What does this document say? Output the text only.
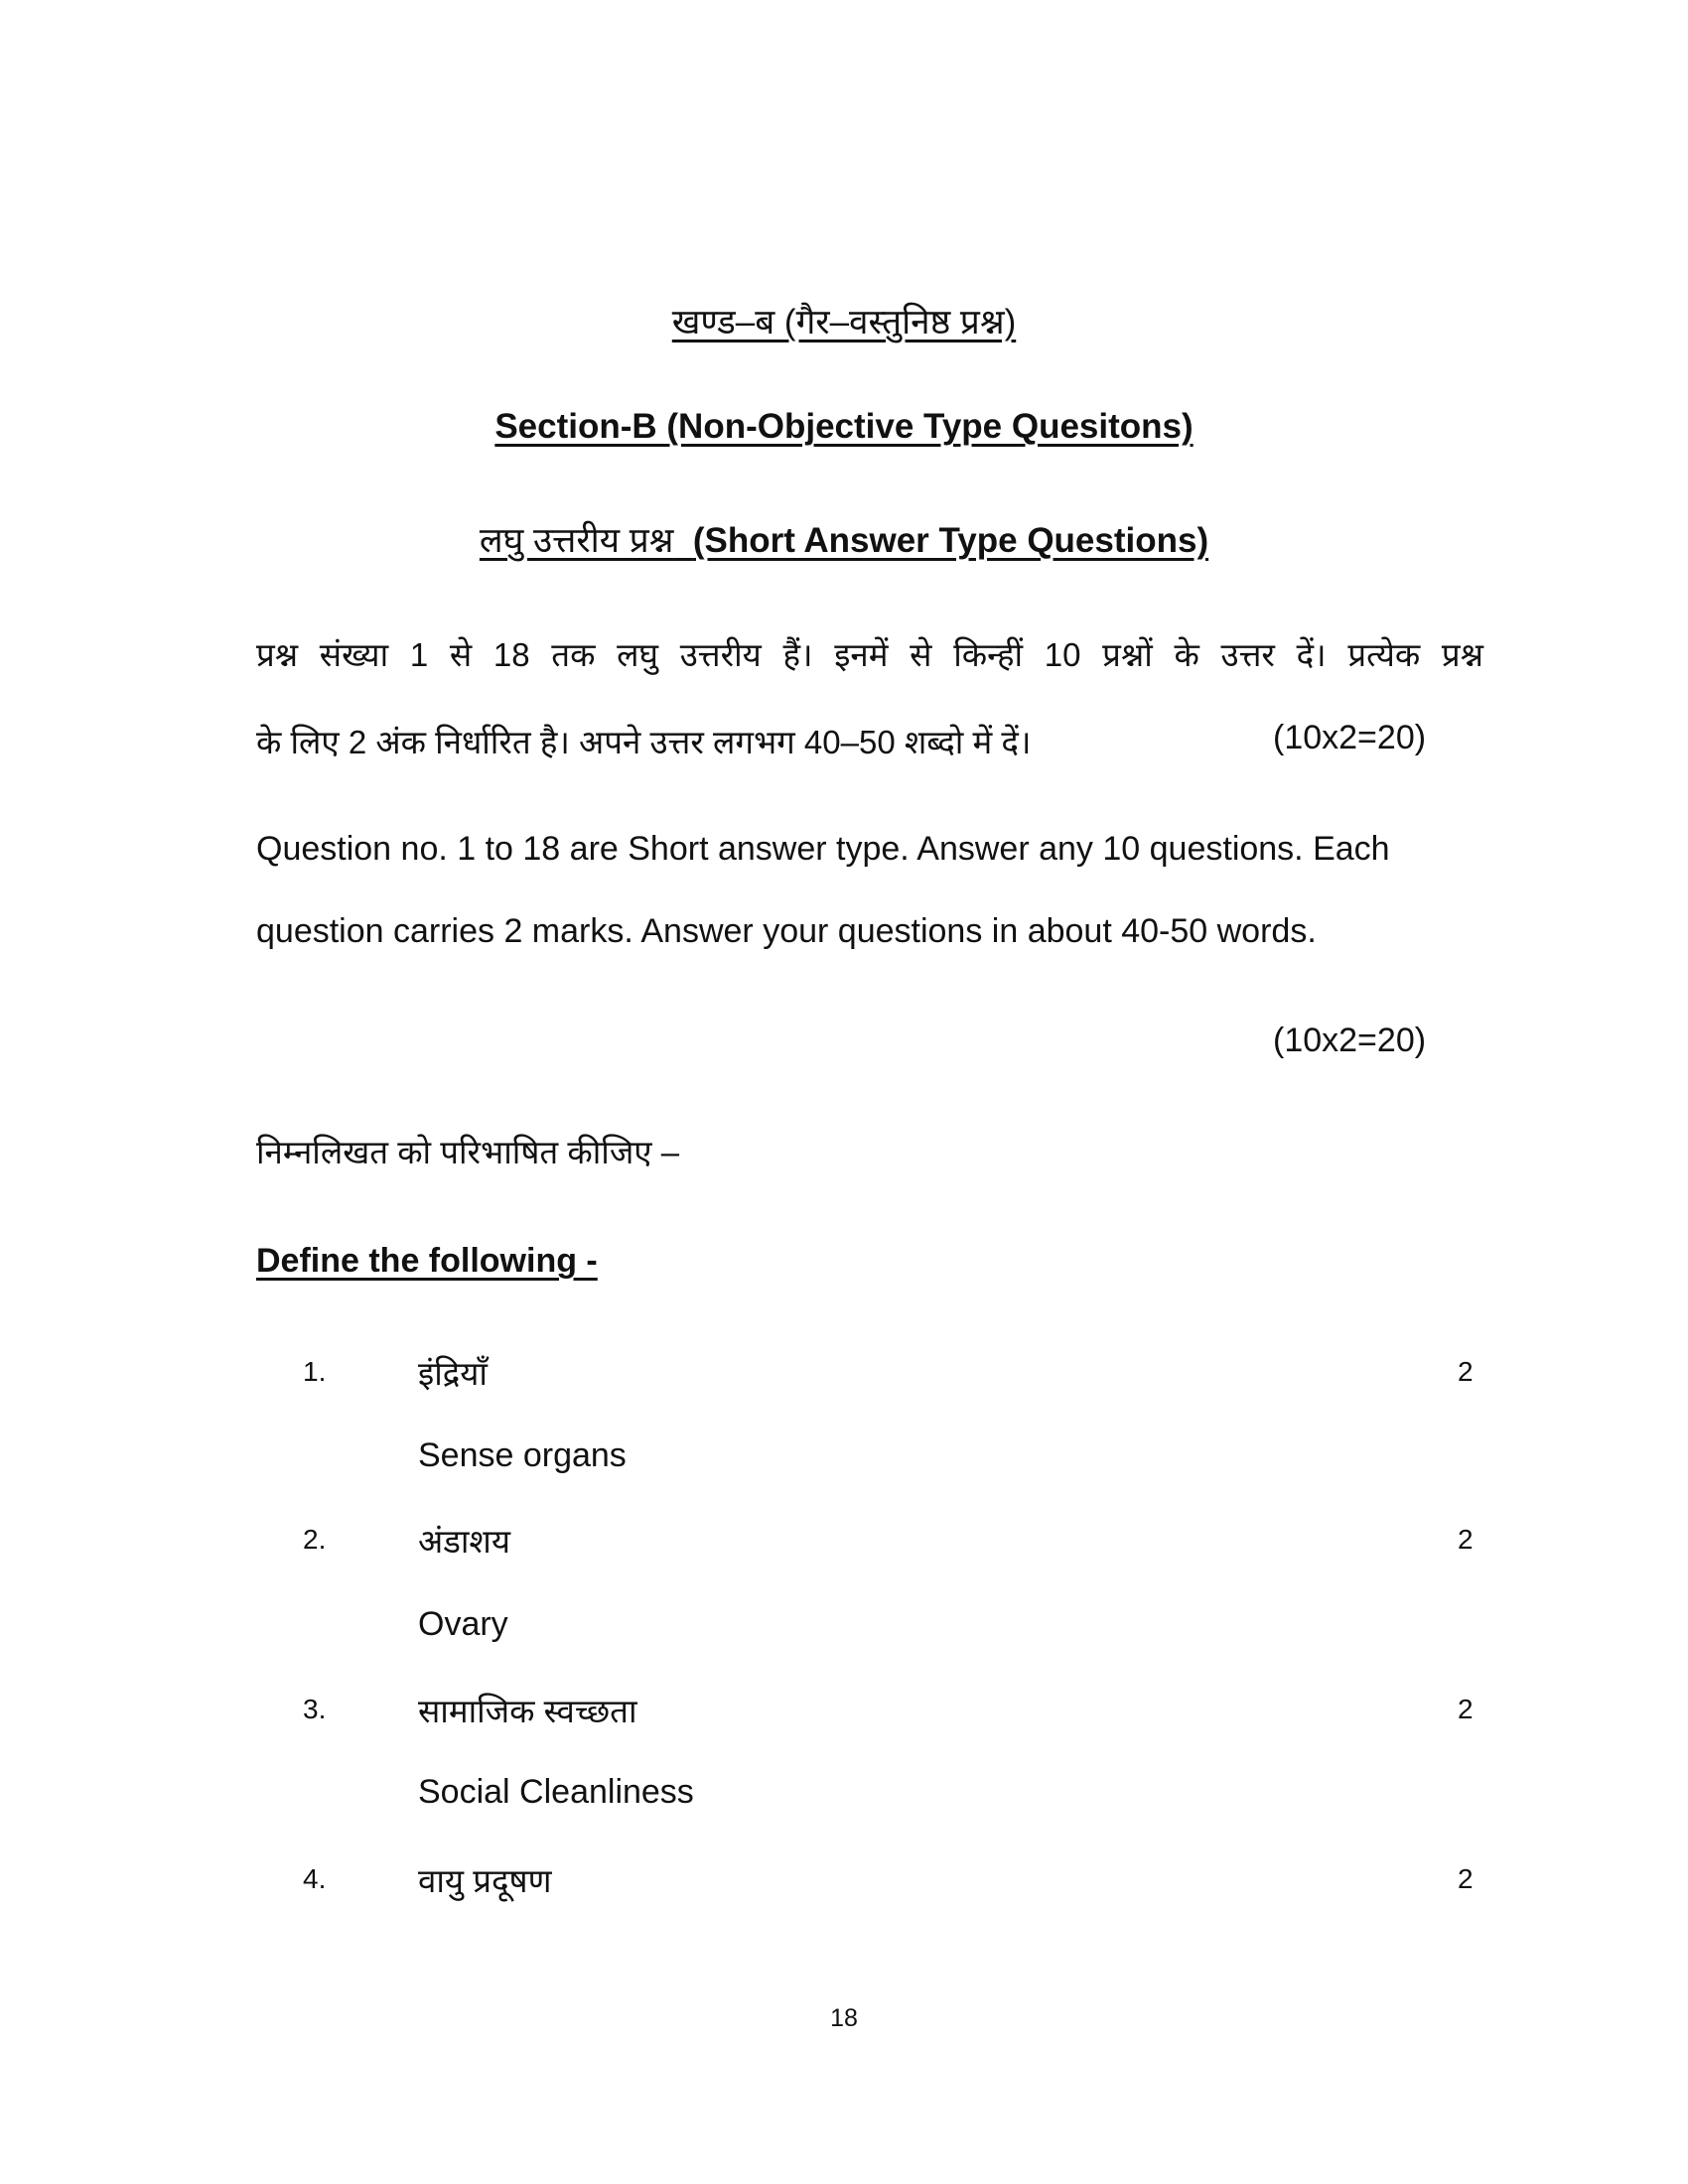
खण्ड–ब (गैर–वस्तुनिष्ठ प्रश्न)
Section-B (Non-Objective Type Quesitons)
लघु उत्तरीय प्रश्न (Short Answer Type Questions)
प्रश्न संख्या 1 से 18 तक लघु उत्तरीय हैं। इनमें से किन्हीं 10 प्रश्नों के उत्तर दें। प्रत्येक प्रश्न
के लिए 2 अंक निर्धारित है। अपने उत्तर लगभग 40–50 शब्दो में दें।	(10x2=20)
Question no. 1 to 18 are Short answer type. Answer any 10 questions. Each
question carries 2 marks. Answer your questions in about 40-50 words.
(10x2=20)
निम्नलिखत को परिभाषित कीजिए –
Define the following -
1.	इंद्रियाँ	2
Sense organs
2.	अंडाशय	2
Ovary
3.	सामाजिक स्वच्छता	2
Social Cleanliness
4.	वायु प्रदूषण	2
18
